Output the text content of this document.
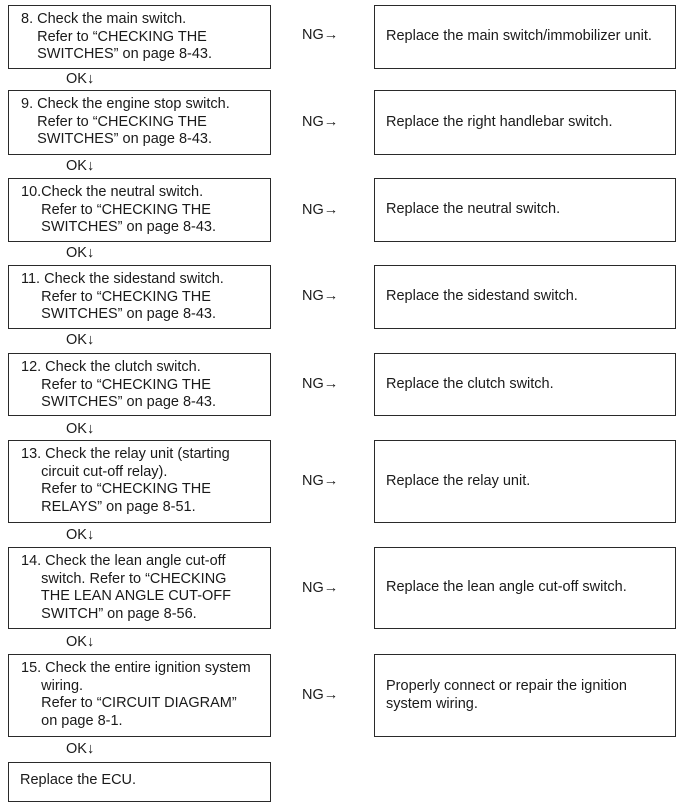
8. Check the main switch.
Refer to “CHECKING THE
SWITCHES” on page 8-43.
NG→	Replace the main switch/immobilizer unit.
OK↓
9. Check the engine stop switch.
Refer to “CHECKING THE
SWITCHES” on page 8-43.
NG→	Replace the right handlebar switch.
OK↓
10.Check the neutral switch.
Refer to “CHECKING THE
SWITCHES” on page 8-43.
NG→	Replace the neutral switch.
OK↓
11. Check the sidestand switch.
Refer to “CHECKING THE
SWITCHES” on page 8-43.
NG→	Replace the sidestand switch.
OK↓
12. Check the clutch switch.
Refer to “CHECKING THE
SWITCHES” on page 8-43.
NG→	Replace the clutch switch.
OK↓
13. Check the relay unit (starting
circuit cut-off relay).
Refer to “CHECKING THE
RELAYS” on page 8-51.
NG→	Replace the relay unit.
OK↓
14. Check the lean angle cut-off
switch. Refer to “CHECKING
THE LEAN ANGLE CUT-OFF
SWITCH” on page 8-56.
NG→	Replace the lean angle cut-off switch.
OK↓
15. Check the entire ignition system
wiring.
Refer to “CIRCUIT DIAGRAM”
on page 8-1.
NG→
Properly connect or repair the ignition
system wiring.
OK↓
Replace the ECU.
